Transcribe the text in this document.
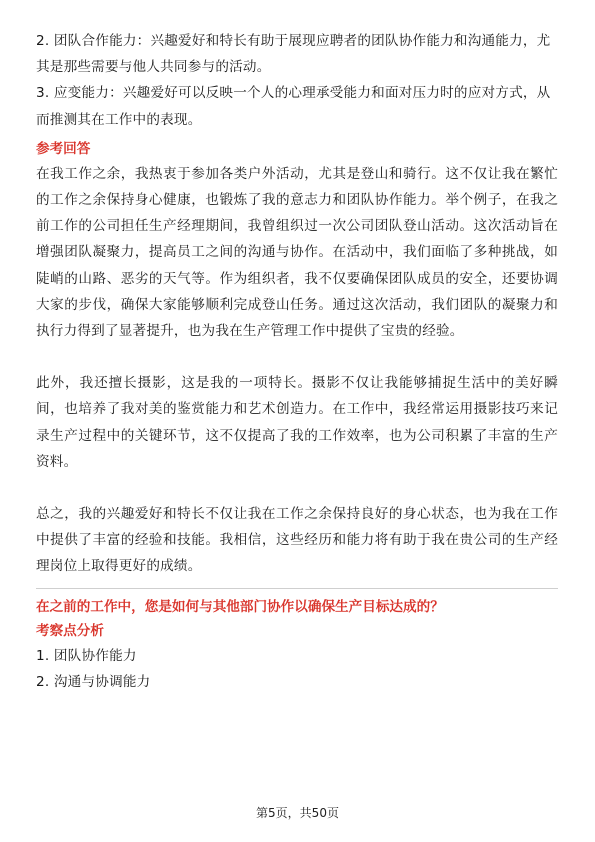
2. 团队合作能力：兴趣爱好和特长有助于展现应聘者的团队协作能力和沟通能力，尤其是那些需要与他人共同参与的活动。

3. 应变能力：兴趣爱好可以反映一个人的心理承受能力和面对压力时的应对方式，从而推测其在工作中的表现。

参考回答

在我工作之余，我热衷于参加各类户外活动，尤其是登山和骑行。这不仅让我在繁忙的工作之余保持身心健康，也锻炼了我的意志力和团队协作能力。举个例子，在我之前工作的公司担任生产经理期间，我曾组织过一次公司团队登山活动。这次活动旨在增强团队凝聚力，提高员工之间的沟通与协作。在活动中，我们面临了多种挑战，如陡峭的山路、恶劣的天气等。作为组织者，我不仅要确保团队成员的安全，还要协调大家的步伐，确保大家能够顺利完成登山任务。通过这次活动，我们团队的凝聚力和执行力得到了显著提升，也为我在生产管理工作中提供了宝贵的经验。

此外，我还擅长摄影，这是我的一项特长。摄影不仅让我能够捕捉生活中的美好瞬间，也培养了我对美的鉴赏能力和艺术创造力。在工作中，我经常运用摄影技巧来记录生产过程中的关键环节，这不仅提高了我的工作效率，也为公司积累了丰富的生产资料。

总之，我的兴趣爱好和特长不仅让我在工作之余保持良好的身心状态，也为我在工作中提供了丰富的经验和技能。我相信，这些经历和能力将有助于我在贵公司的生产经理岗位上取得更好的成绩。

在之前的工作中，您是如何与其他部门协作以确保生产目标达成的？

考察点分析

1. 团队协作能力

2. 沟通与协调能力

第5页，共50页
